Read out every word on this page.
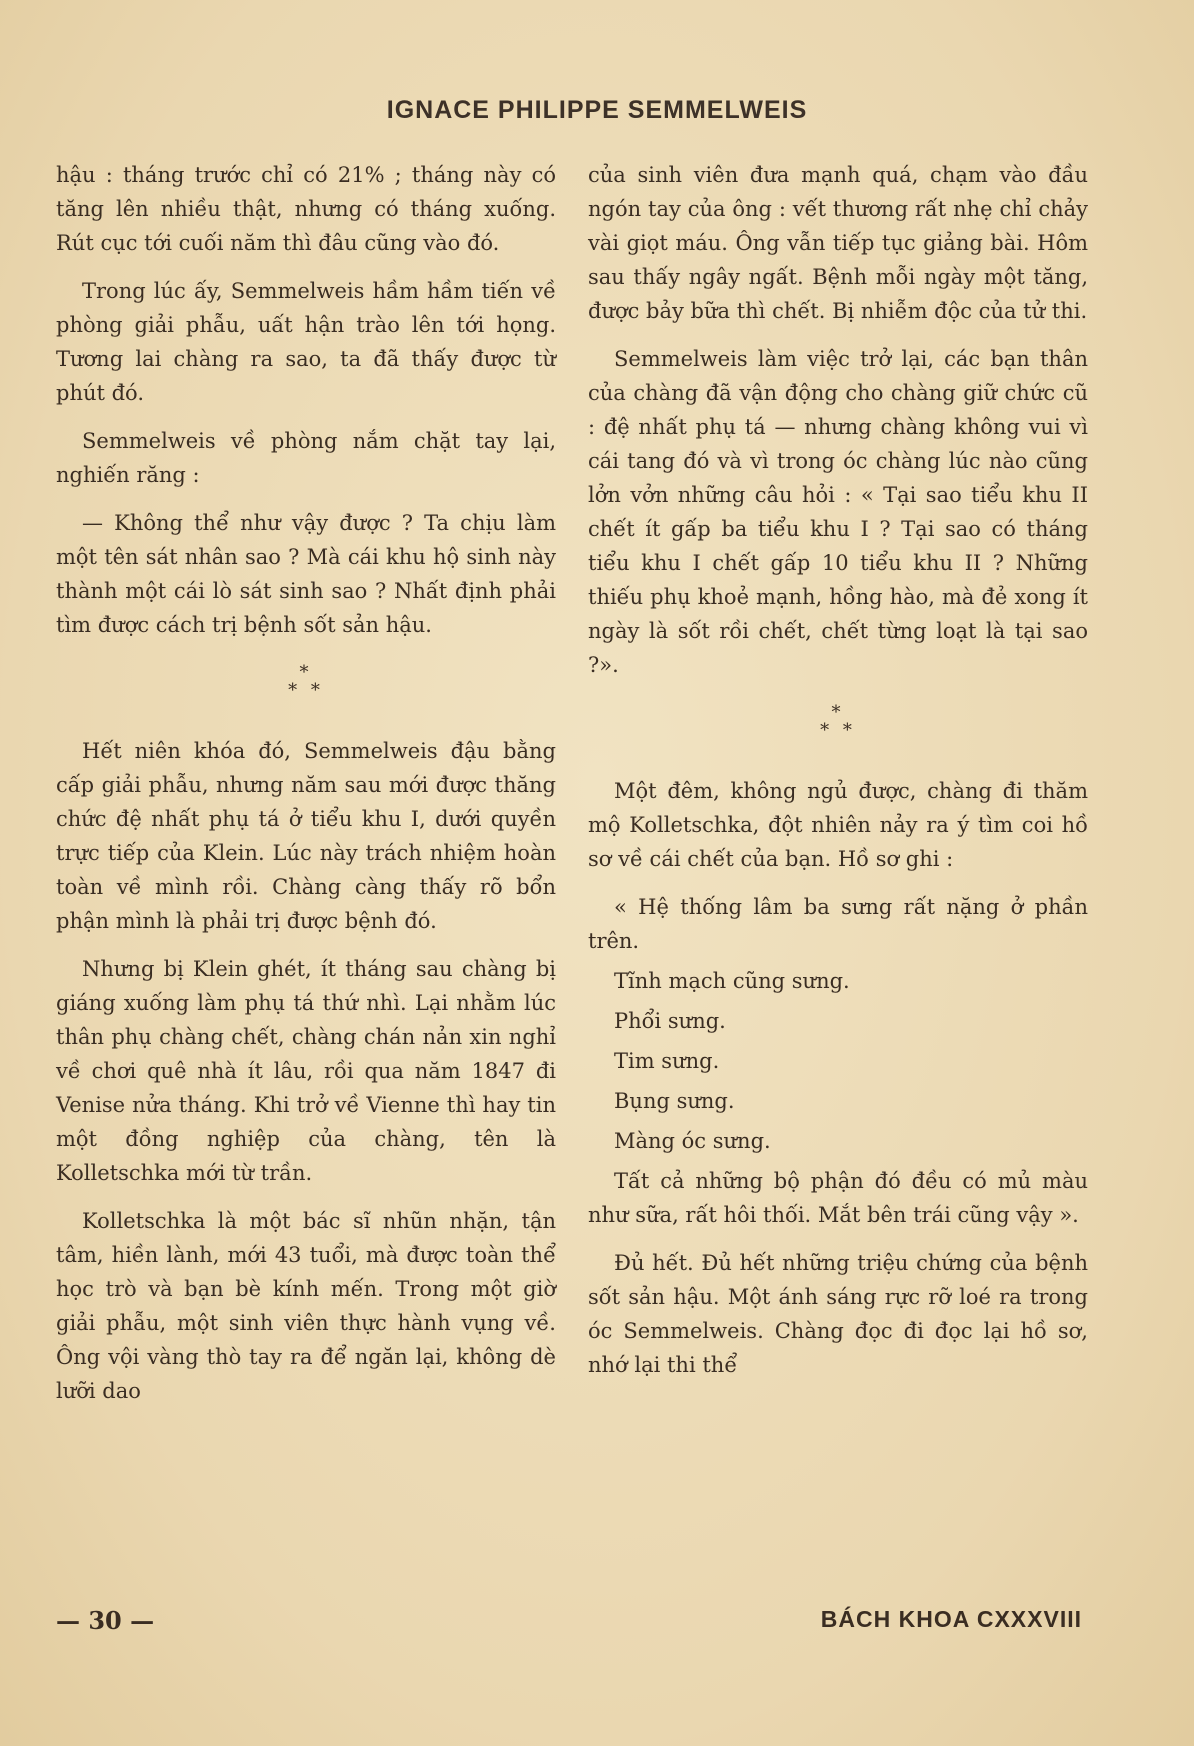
IGNACE PHILIPPE SEMMELWEIS

hậu : tháng trước chỉ có 21% ; tháng này có tăng lên nhiều thật, nhưng có tháng xuống. Rút cục tới cuối năm thì đâu cũng vào đó.

Trong lúc ấy, Semmelweis hầm hầm tiến về phòng giải phẫu, uất hận trào lên tới họng. Tương lai chàng ra sao, ta đã thấy được từ phút đó.

Semmelweis về phòng nắm chặt tay lại, nghiến răng :

— Không thể như vậy được ? Ta chịu làm một tên sát nhân sao ? Mà cái khu hộ sinh này thành một cái lò sát sinh sao ? Nhất định phải tìm được cách trị bệnh sốt sản hậu.

*
* *

Hết niên khóa đó, Semmelweis đậu bằng cấp giải phẫu, nhưng năm sau mới được thăng chức đệ nhất phụ tá ở tiểu khu I, dưới quyền trực tiếp của Klein. Lúc này trách nhiệm hoàn toàn về mình rồi. Chàng càng thấy rõ bổn phận mình là phải trị được bệnh đó.

Nhưng bị Klein ghét, ít tháng sau chàng bị giáng xuống làm phụ tá thứ nhì. Lại nhằm lúc thân phụ chàng chết, chàng chán nản xin nghỉ về chơi quê nhà ít lâu, rồi qua năm 1847 đi Venise nửa tháng. Khi trở về Vienne thì hay tin một đồng nghiệp của chàng, tên là Kolletschka mới từ trần.

Kolletschka là một bác sĩ nhũn nhặn, tận tâm, hiền lành, mới 43 tuổi, mà được toàn thể học trò và bạn bè kính mến. Trong một giờ giải phẫu, một sinh viên thực hành vụng về. Ông vội vàng thò tay ra để ngăn lại, không dè lưỡi dao

của sinh viên đưa mạnh quá, chạm vào đầu ngón tay của ông : vết thương rất nhẹ chỉ chảy vài giọt máu. Ông vẫn tiếp tục giảng bài. Hôm sau thấy ngây ngất. Bệnh mỗi ngày một tăng, được bảy bữa thì chết. Bị nhiễm độc của tử thi.

Semmelweis làm việc trở lại, các bạn thân của chàng đã vận động cho chàng giữ chức cũ : đệ nhất phụ tá — nhưng chàng không vui vì cái tang đó và vì trong óc chàng lúc nào cũng lởn vởn những câu hỏi : « Tại sao tiểu khu II chết ít gấp ba tiểu khu I ? Tại sao có tháng tiểu khu I chết gấp 10 tiểu khu II ? Những thiếu phụ khoẻ mạnh, hồng hào, mà đẻ xong ít ngày là sốt rồi chết, chết từng loạt là tại sao ?».

*
* *

Một đêm, không ngủ được, chàng đi thăm mộ Kolletschka, đột nhiên nảy ra ý tìm coi hồ sơ về cái chết của bạn. Hồ sơ ghi :

« Hệ thống lâm ba sưng rất nặng ở phần trên.

Tĩnh mạch cũng sưng.

Phổi sưng.

Tim sưng.

Bụng sưng.

Màng óc sưng.

Tất cả những bộ phận đó đều có mủ màu như sữa, rất hôi thối. Mắt bên trái cũng vậy ».

Đủ hết. Đủ hết những triệu chứng của bệnh sốt sản hậu. Một ánh sáng rực rỡ loé ra trong óc Semmelweis. Chàng đọc đi đọc lại hồ sơ, nhớ lại thi thể

— 30 —	BÁCH KHOA CXXXVIII
